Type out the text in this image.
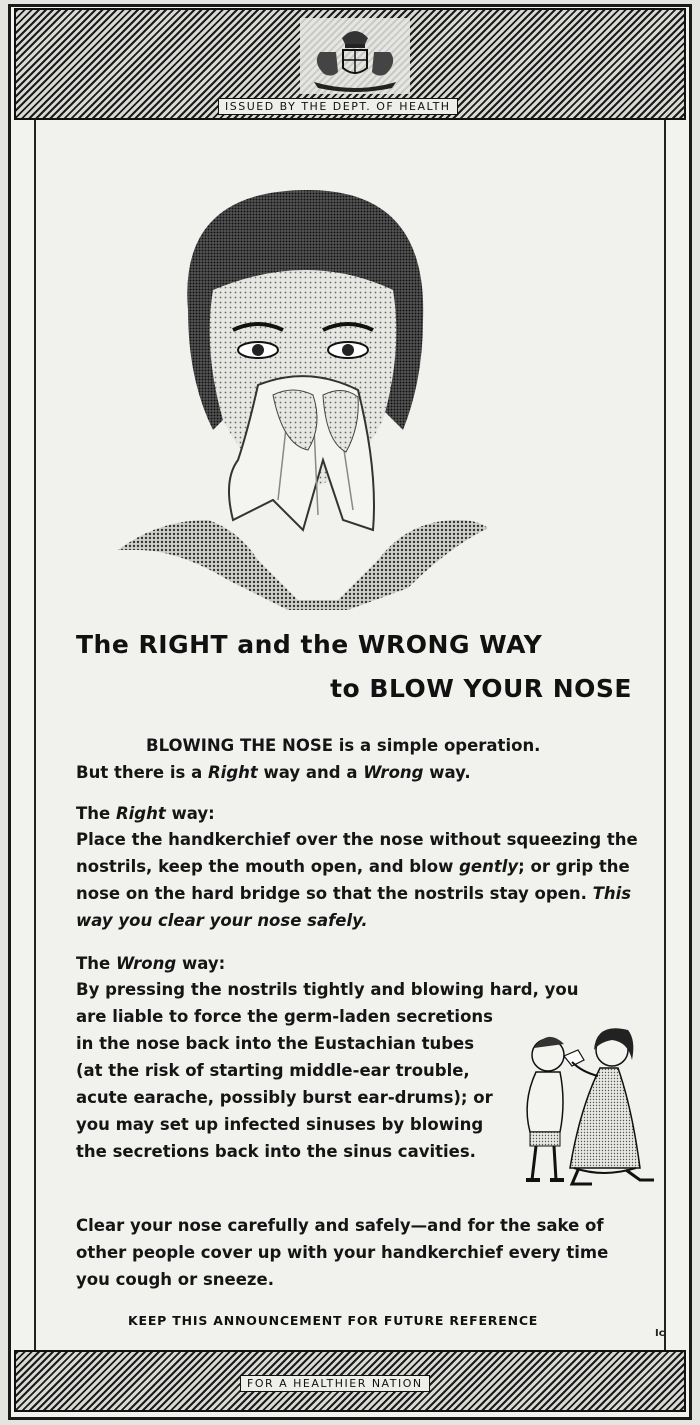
ISSUED BY THE DEPT. OF HEALTH
The RIGHT and the WRONG WAY
to BLOW YOUR NOSE
BLOWING THE NOSE is a simple operation.
But there is a Right way and a Wrong way.
The Right way:
Place the handkerchief over the nose without squeezing the nostrils, keep the mouth open, and blow gently; or grip the nose on the hard bridge so that the nostrils stay open. This way you clear your nose safely.
The Wrong way:
By pressing the nostrils tightly and blowing hard, you
are liable to force the germ-laden secretions in the nose back into the Eustachian tubes (at the risk of starting middle-ear trouble, acute earache, possibly burst ear-drums); or you may set up infected sinuses by blowing the secretions back into the sinus cavities.
Clear your nose carefully and safely—and for the sake of other people cover up with your handkerchief every time you cough or sneeze.
KEEP THIS ANNOUNCEMENT FOR FUTURE REFERENCE
Ic
FOR A HEALTHIER NATION
